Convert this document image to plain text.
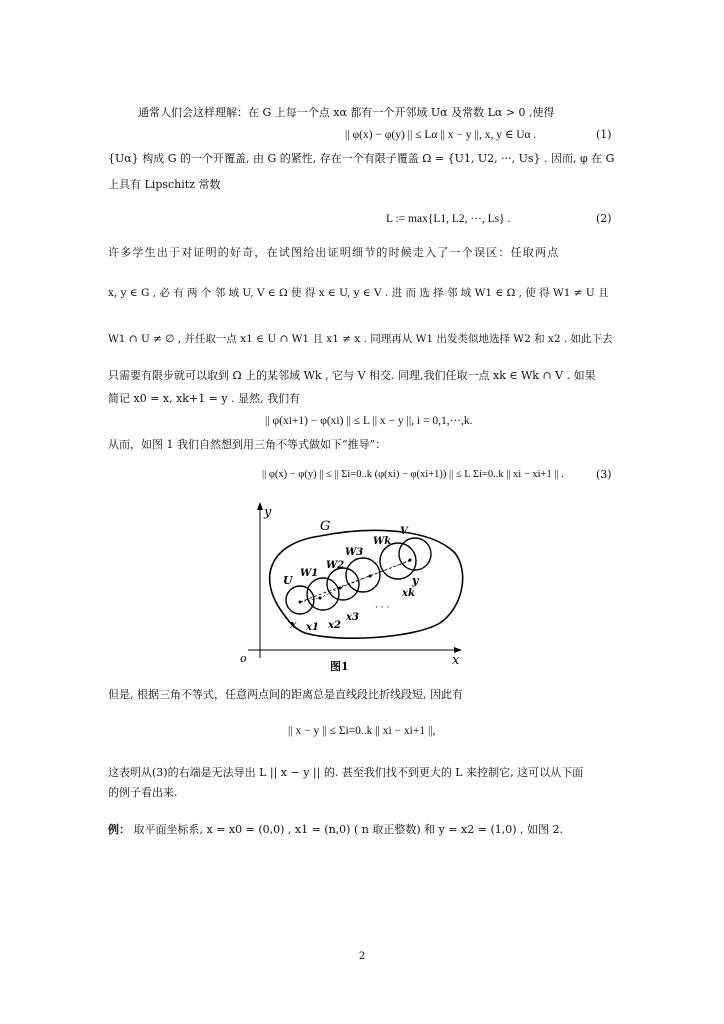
通常人们会这样理解：在 G 上每一个点 xα 都有一个开邻域 Uα 及常数 Lα > 0 ,使得
|| φ(x) − φ(y) || ≤ Lα || x − y ||, x, y ∈ Uα .	(1)
{Uα} 构成 G 的一个开覆盖, 由 G 的紧性, 存在一个有限子覆盖 Ω = {U1, U2, ···, Us} . 因而, φ 在 G
上具有 Lipschitz 常数
L := max{L1, L2, ···, Ls} .	(2)
许多学生出于对证明的好奇，在试图给出证明细节的时候走入了一个误区：任取两点
x, y ∈ G , 必 有 两 个 邻 域 U, V ∈ Ω 使 得 x ∈ U, y ∈ V . 进 而 选 择 邻 域 W1 ∈ Ω , 使 得 W1 ≠ U 且
W1 ∩ U ≠ ∅ , 并任取一点 x1 ∈ U ∩ W1 且 x1 ≠ x . 同理再从 W1 出发类似地选择 W2 和 x2 . 如此下去
只需要有限步就可以取到 Ω 上的某邻域 Wk , 它与 V 相交. 同理,我们任取一点 xk ∈ Wk ∩ V . 如果
简记 x0 = x, xk+1 = y . 显然, 我们有
|| φ(xi+1) − φ(xi) || ≤ L || x − y ||, i = 0,1,···,k.
从而，如图 1 我们自然想到用三角不等式做如下“推导”：
|| φ(x) − φ(y) || ≤ || Σi=0..k (φ(xi) − φ(xi+1)) || ≤ L Σi=0..k || xi − xi+1 || .	(3)
y
x
o
G
· · ·
U
W1
W2
W3
Wk
V
x x1 x2
x3
xk
y
图1
但是, 根据三角不等式，任意两点间的距离总是直线段比折线段短, 因此有
|| x − y || ≤ Σi=0..k || xi − xi+1 ||,
这表明从(3)的右端是无法导出 L || x − y || 的. 甚至我们找不到更大的 L 来控制它, 这可以从下面
的例子看出来.
例： 取平面坐标系, x = x0 = (0,0) , x1 = (n,0) ( n 取正整数) 和 y = x2 = (1,0) , 如图 2.
2
